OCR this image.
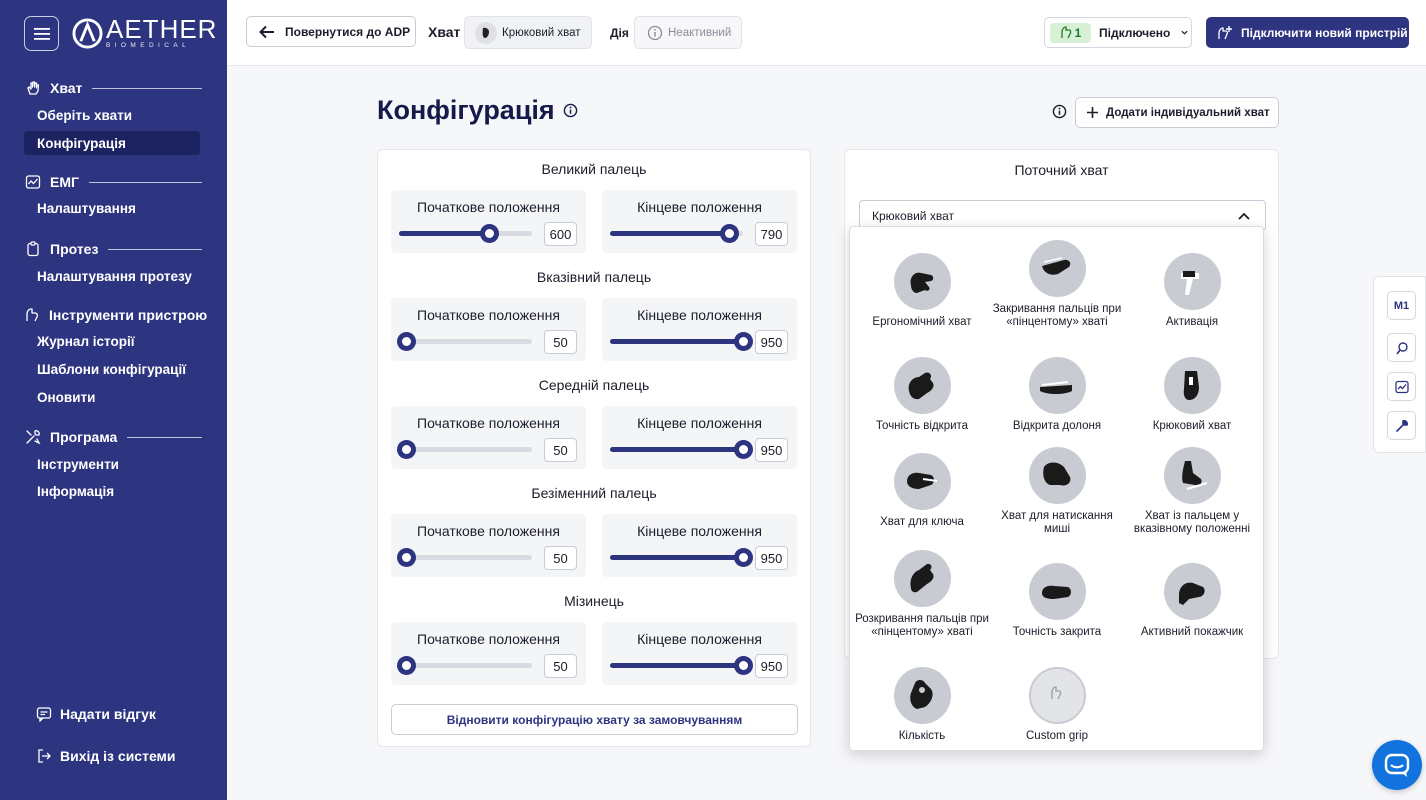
AETHER
BIOMEDICAL
Хват
Оберіть хвати
Конфігурація
ЕМГ
Налаштування
Протез
Налаштування протезу
Інструменти пристрою
Журнал історії
Шаблони конфігурації
Оновити
Програма
Інструменти
Інформація
Надати відгук
Вихід із системи
Повернутися до ADP Хват	Крюковий хват Дія	Неактивний	1 Підключено	Підключити новий пристрій
Конфігурація	Додати індивідуальний хват
Відновити конфігурацію хвату за замовчуванням
Великий палець
Початкове положення
600
Кінцеве положення
790
Вказівний палець
Початкове положення
50
Кінцеве положення
950
Середній палець
Початкове положення
50
Кінцеве положення
950
Безіменний палець
Початкове положення
50
Кінцеве положення
950
Мізинець
Початкове положення
50
Кінцеве положення
950
Поточний хват
Крюковий хват
Ергономічний хват
Закривання пальців при «пінцентому» хваті	Активація
Точність відкрита	Відкрита долоня	Крюковий хват
Хват для ключа	Хват для натискання миші
Хват із пальцем у вказівному положенні
Розкривання пальців при «пінцентому» хваті	Точність закрита	Активний покажчик
Кількість	Custom grip
M1
